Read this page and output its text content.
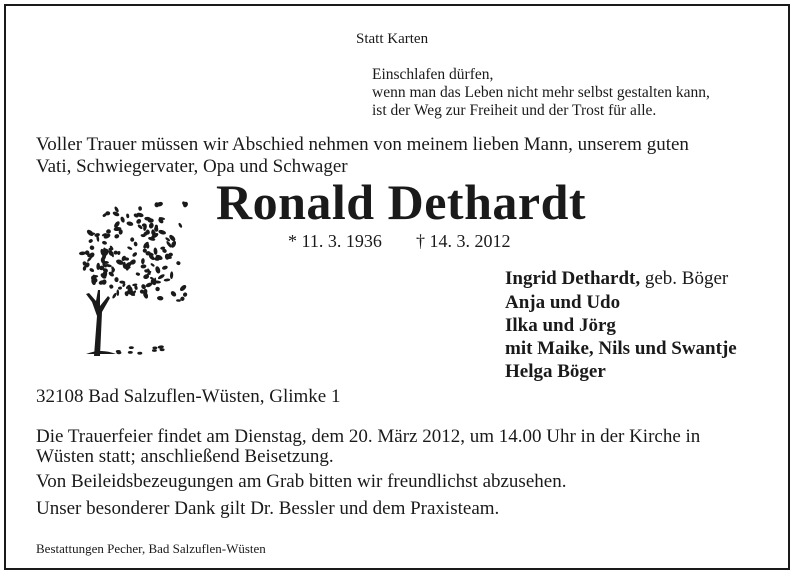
Statt Karten
Einschlafen dürfen,
wenn man das Leben nicht mehr selbst gestalten kann,
ist der Weg zur Freiheit und der Trost für alle.
Voller Trauer müssen wir Abschied nehmen von meinem lieben Mann, unserem guten
Vati, Schwiegervater, Opa und Schwager
Ronald Dethardt
* 11. 3. 1936 † 14. 3. 2012
Ingrid Dethardt, geb. Böger
Anja und Udo
Ilka und Jörg
mit Maike, Nils und Swantje
Helga Böger
32108 Bad Salzuflen-Wüsten, Glimke 1
Die Trauerfeier findet am Dienstag, dem 20. März 2012, um 14.00 Uhr in der Kirche in
Wüsten statt; anschließend Beisetzung.
Von Beileidsbezeugungen am Grab bitten wir freundlichst abzusehen.
Unser besonderer Dank gilt Dr. Bessler und dem Praxisteam.
Bestattungen Pecher, Bad Salzuflen-Wüsten
